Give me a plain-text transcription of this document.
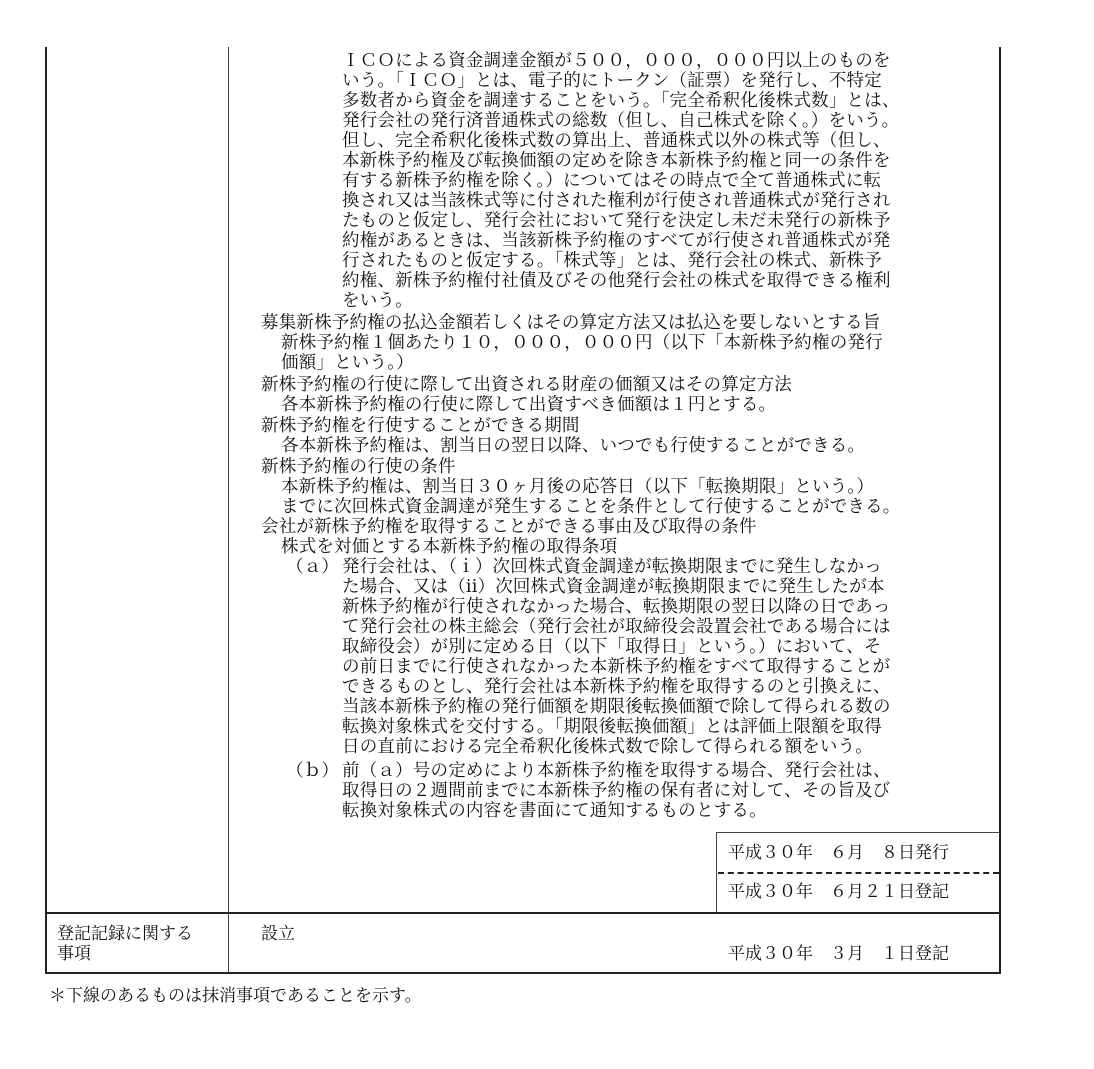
ＩＣＯによる資金調達金額が５００，０００，０００円以上のものを
いう。「ＩＣＯ」とは、電子的にトークン（証票）を発行し、不特定
多数者から資金を調達することをいう。「完全希釈化後株式数」とは、
発行会社の発行済普通株式の総数（但し、自己株式を除く。）をいう。
但し、完全希釈化後株式数の算出上、普通株式以外の株式等（但し、
本新株予約権及び転換価額の定めを除き本新株予約権と同一の条件を
有する新株予約権を除く。）についてはその時点で全て普通株式に転
換され又は当該株式等に付された権利が行使され普通株式が発行され
たものと仮定し、発行会社において発行を決定し未だ未発行の新株予
約権があるときは、当該新株予約権のすべてが行使され普通株式が発
行されたものと仮定する。「株式等」とは、発行会社の株式、新株予
約権、新株予約権付社債及びその他発行会社の株式を取得できる権利
をいう。
募集新株予約権の払込金額若しくはその算定方法又は払込を要しないとする旨
新株予約権１個あたり１０，０００，０００円（以下「本新株予約権の発行
価額」という。）
新株予約権の行使に際して出資される財産の価額又はその算定方法
各本新株予約権の行使に際して出資すべき価額は１円とする。
新株予約権を行使することができる期間
各本新株予約権は、割当日の翌日以降、いつでも行使することができる。
新株予約権の行使の条件
本新株予約権は、割当日３０ヶ月後の応答日（以下「転換期限」という。）
までに次回株式資金調達が発生することを条件として行使することができる。
会社が新株予約権を取得することができる事由及び取得の条件
株式を対価とする本新株予約権の取得条項
（ａ） 発行会社は、（ｉ）次回株式資金調達が転換期限までに発生しなかっ
た場合、又は（ii）次回株式資金調達が転換期限までに発生したが本
新株予約権が行使されなかった場合、転換期限の翌日以降の日であっ
て発行会社の株主総会（発行会社が取締役会設置会社である場合には
取締役会）が別に定める日（以下「取得日」という。）において、そ
の前日までに行使されなかった本新株予約権をすべて取得することが
できるものとし、発行会社は本新株予約権を取得するのと引換えに、
当該本新株予約権の発行価額を期限後転換価額で除して得られる数の
転換対象株式を交付する。「期限後転換価額」とは評価上限額を取得
日の直前における完全希釈化後株式数で除して得られる額をいう。
（ｂ） 前（ａ）号の定めにより本新株予約権を取得する場合、発行会社は、
取得日の２週間前までに本新株予約権の保有者に対して、その旨及び
転換対象株式の内容を書面にて通知するものとする。
平成３０年　６月　８日発行
平成３０年　６月２１日登記
登記記録に関する
事項
設立
平成３０年　３月　１日登記
＊下線のあるものは抹消事項であることを示す。
